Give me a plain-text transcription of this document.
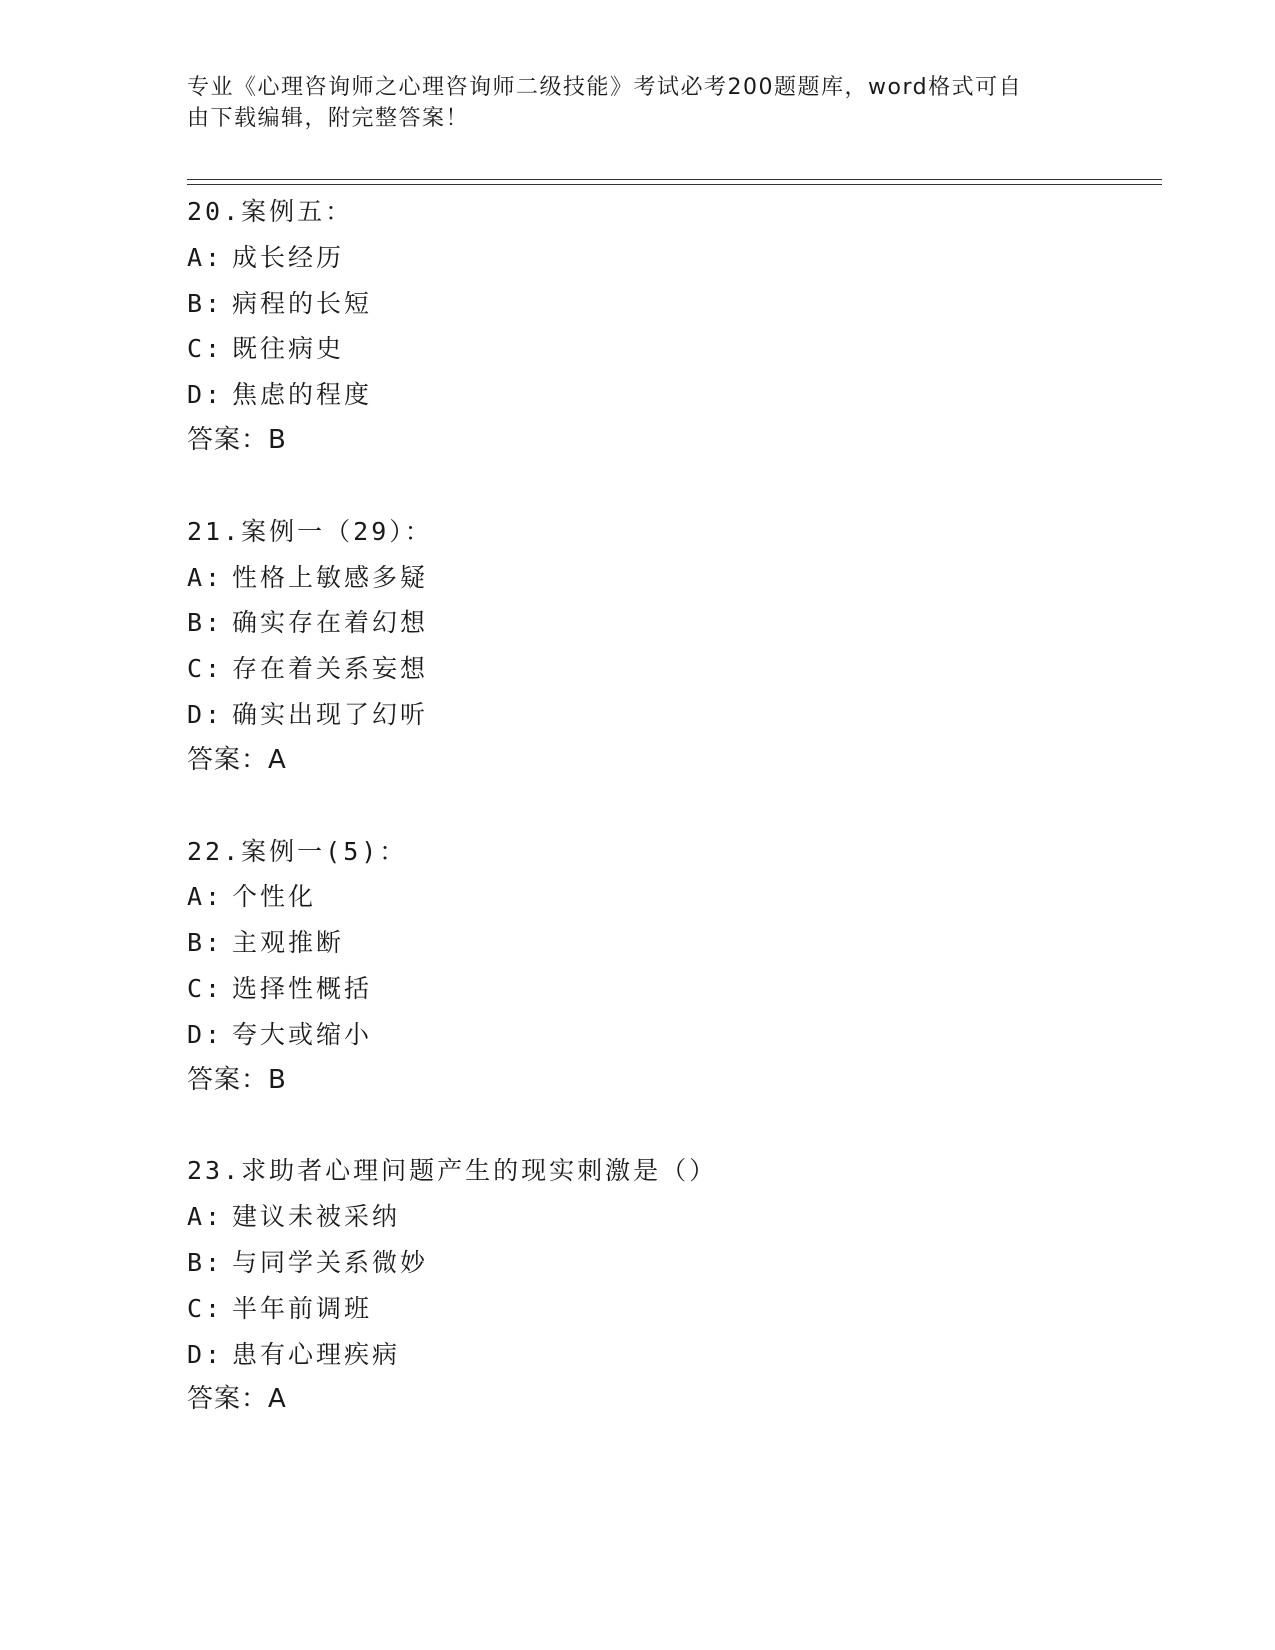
专业《心理咨询师之心理咨询师二级技能》考试必考200题题库，word格式可自
由下载编辑，附完整答案！
20.案例五：
A: 成长经历
B: 病程的长短
C: 既往病史
D: 焦虑的程度
答案：B
21.案例一（29）：
A: 性格上敏感多疑
B: 确实存在着幻想
C: 存在着关系妄想
D: 确实出现了幻听
答案：A
22.案例一(5)：
A: 个性化
B: 主观推断
C: 选择性概括
D: 夸大或缩小
答案：B
23.求助者心理问题产生的现实刺激是（）
A: 建议未被采纳
B: 与同学关系微妙
C: 半年前调班
D: 患有心理疾病
答案：A
